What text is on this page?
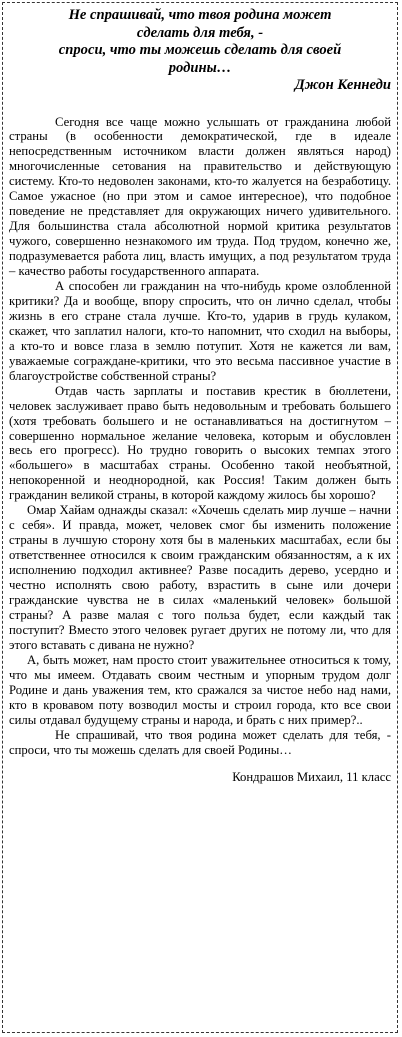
Не спрашивай, что твоя родина может
сделать для тебя, -
спроси, что ты можешь сделать для своей
родины…
Джон Кеннеди

Сегодня все чаще можно услышать от гражданина любой страны (в особенности демократической, где в идеале непосредственным источником власти должен являться народ) многочисленные сетования на правительство и действующую систему. Кто-то недоволен законами, кто-то жалуется на безработицу. Самое ужасное (но при этом и самое интересное), что подобное поведение не представляет для окружающих ничего удивительного. Для большинства стала абсолютной нормой критика результатов чужого, совершенно незнакомого им труда. Под трудом, конечно же, подразумевается работа лиц, власть имущих, а под результатом труда – качество работы государственного аппарата.

А способен ли гражданин на что-нибудь кроме озлобленной критики? Да и вообще, впору спросить, что он лично сделал, чтобы жизнь в его стране стала лучше. Кто-то, ударив в грудь кулаком, скажет, что заплатил налоги, кто-то напомнит, что сходил на выборы, а кто-то и вовсе глаза в землю потупит. Хотя не кажется ли вам, уважаемые сограждане-критики, что это весьма пассивное участие в благоустройстве собственной страны?

Отдав часть зарплаты и поставив крестик в бюллетени, человек заслуживает право быть недовольным и требовать большего (хотя требовать большего и не останавливаться на достигнутом – совершенно нормальное желание человека, которым и обусловлен весь его прогресс). Но трудно говорить о высоких темпах этого «большего» в масштабах страны. Особенно такой необъятной, непокоренной и неоднородной, как Россия! Таким должен быть гражданин великой страны, в которой каждому жилось бы хорошо?

Омар Хайам однажды сказал: «Хочешь сделать мир лучше – начни с себя». И правда, может, человек смог бы изменить положение страны в лучшую сторону хотя бы в маленьких масштабах, если бы ответственнее относился к своим гражданским обязанностям, а к их исполнению подходил активнее? Разве посадить дерево, усердно и честно исполнять свою работу, взрастить в сыне или дочери гражданские чувства не в силах «маленький человек» большой страны? А разве малая с того польза будет, если каждый так поступит? Вместо этого человек ругает других не потому ли, что для этого вставать с дивана не нужно?

А, быть может, нам просто стоит уважительнее относиться к тому, что мы имеем. Отдавать своим честным и упорным трудом долг Родине и дань уважения тем, кто сражался за чистое небо над нами, кто в кровавом поту возводил мосты и строил города, кто все свои силы отдавал будущему страны и народа, и брать с них пример?..

Не спрашивай, что твоя родина может сделать для тебя, - спроси, что ты можешь сделать для своей Родины…

Кондрашов Михаил, 11 класс
